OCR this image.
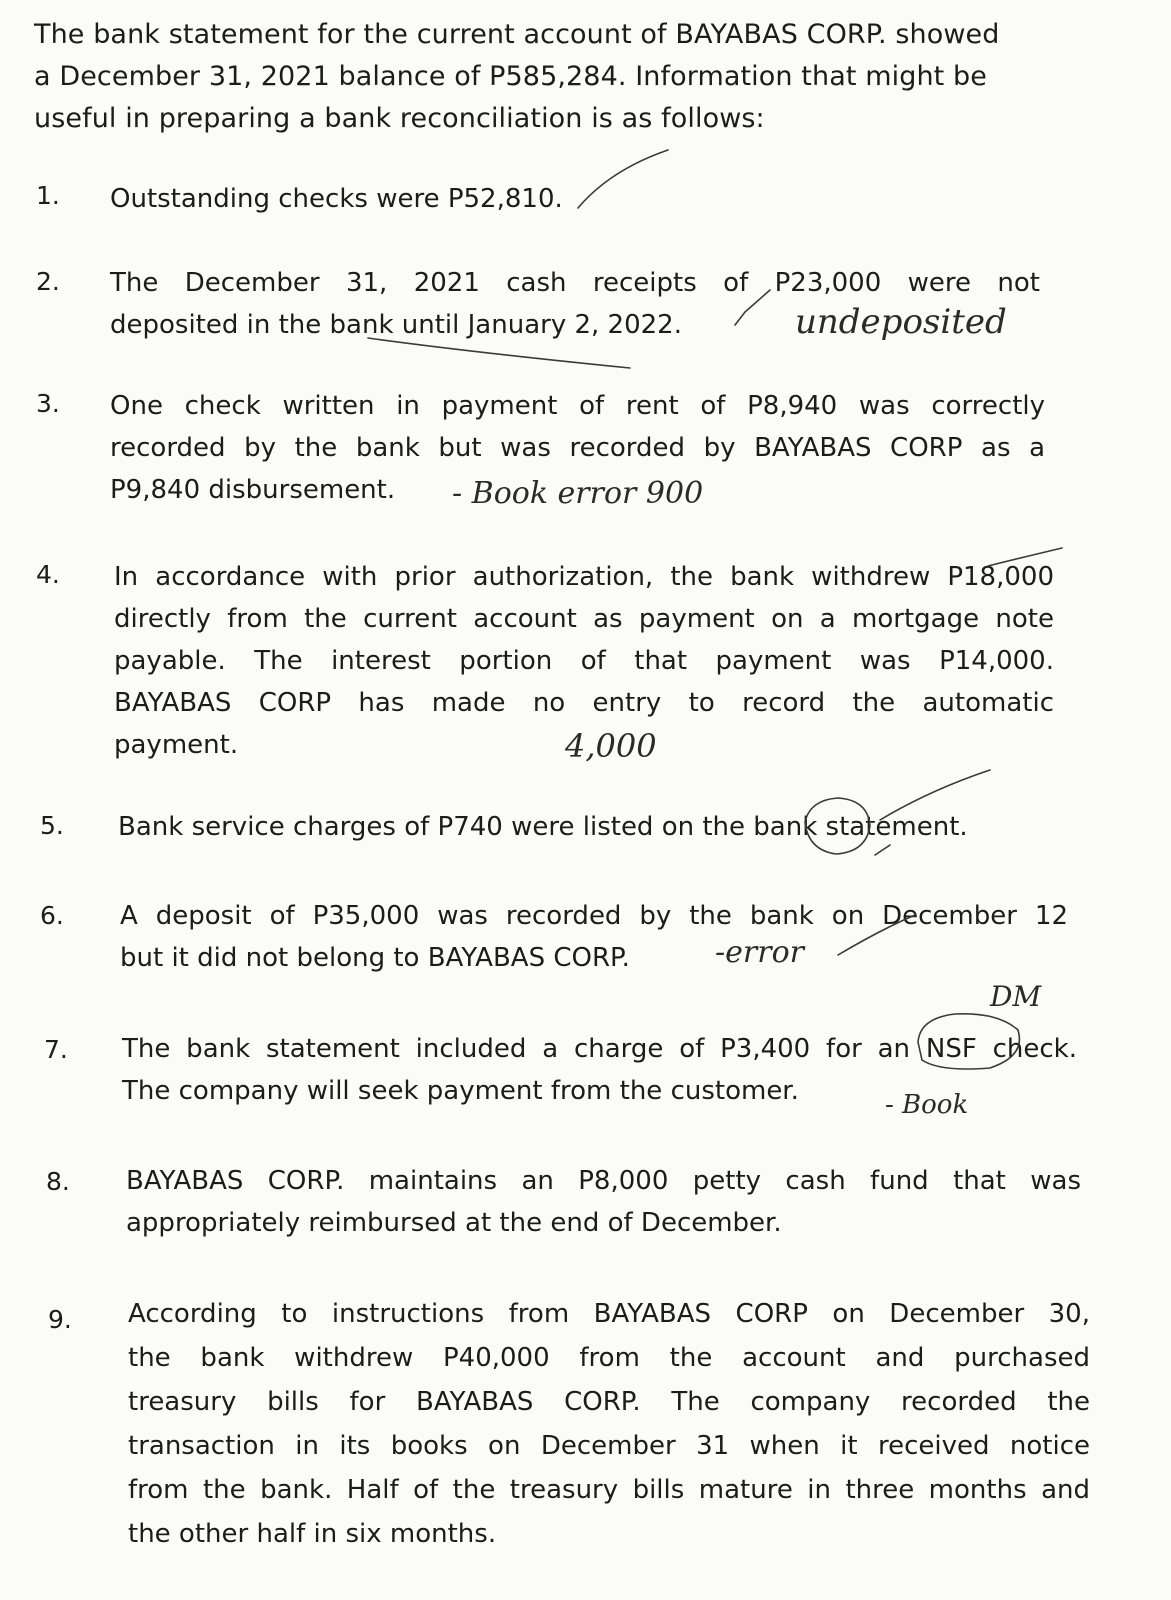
The bank statement for the current account of BAYABAS CORP. showed
a December 31, 2021 balance of P585,284. Information that might be
useful in preparing a bank reconciliation is as follows:
1. Outstanding checks were P52,810.
2. The December 31, 2021 cash receipts of P23,000 were not
deposited in the bank until January 2, 2022.	undeposited
3. One check written in payment of rent of P8,940 was correctly
recorded by the bank but was recorded by BAYABAS CORP as a
P9,840 disbursement.	- Book error 900
4. In accordance with prior authorization, the bank withdrew P18,000
directly from the current account as payment on a mortgage note
payable. The interest portion of that payment was P14,000.
BAYABAS CORP has made no entry to record the automatic
payment.	4,000
5. Bank service charges of P740 were listed on the bank statement.
6. A deposit of P35,000 was recorded by the bank on December 12
but it did not belong to BAYABAS CORP.	-error
DM
7. The bank statement included a charge of P3,400 for an NSF check.
The company will seek payment from the customer.	- Book
8. BAYABAS CORP. maintains an P8,000 petty cash fund that was
appropriately reimbursed at the end of December.
9. According to instructions from BAYABAS CORP on December 30,
the bank withdrew P40,000 from the account and purchased
treasury bills for BAYABAS CORP. The company recorded the
transaction in its books on December 31 when it received notice
from the bank. Half of the treasury bills mature in three months and
the other half in six months.
